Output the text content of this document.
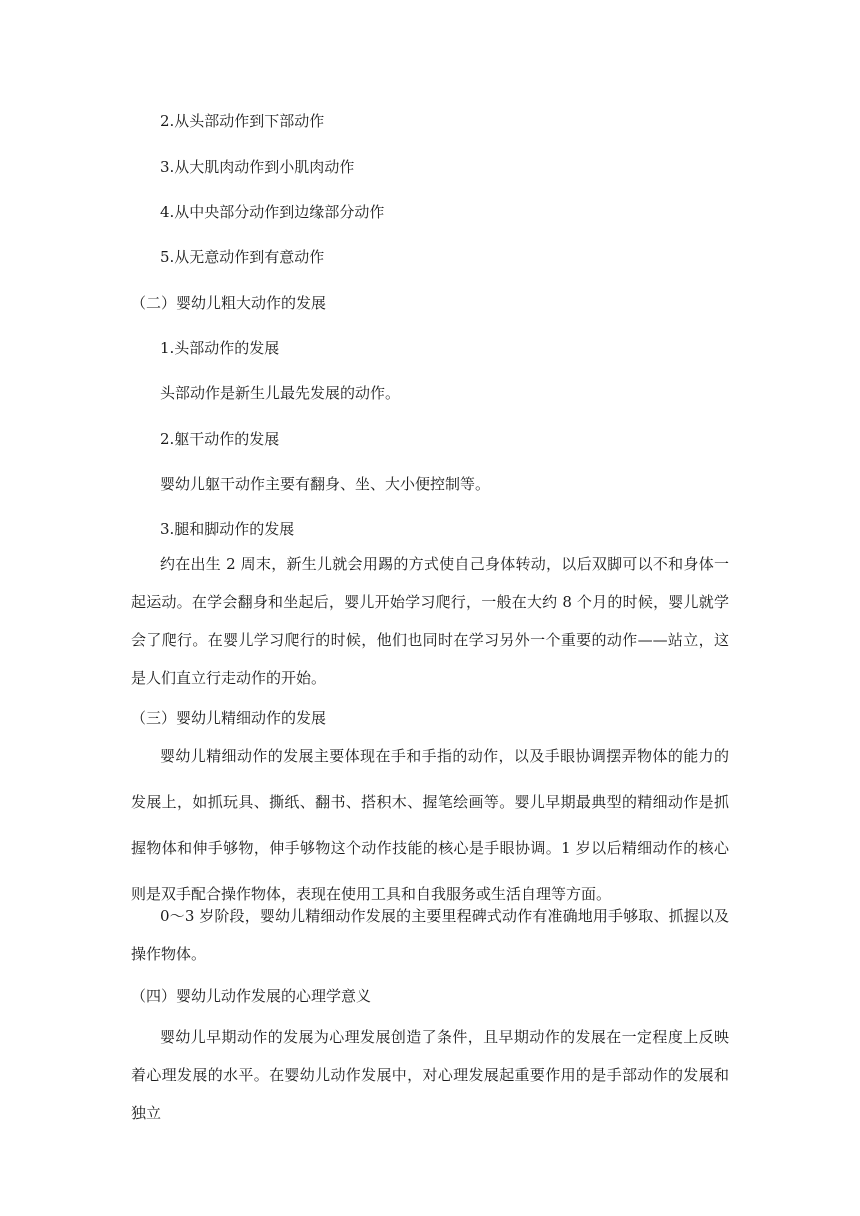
2.从头部动作到下部动作
3.从大肌肉动作到小肌肉动作
4.从中央部分动作到边缘部分动作
5.从无意动作到有意动作
（二）婴幼儿粗大动作的发展
1.头部动作的发展
头部动作是新生儿最先发展的动作。
2.躯干动作的发展
婴幼儿躯干动作主要有翻身、坐、大小便控制等。
3.腿和脚动作的发展

约在出生 2 周末，新生儿就会用踢的方式使自己身体转动，以后双脚可以不和身体一起运动。在学会翻身和坐起后，婴儿开始学习爬行，一般在大约 8 个月的时候，婴儿就学会了爬行。在婴儿学习爬行的时候，他们也同时在学习另外一个重要的动作——站立，这是人们直立行走动作的开始。

（三）婴幼儿精细动作的发展

婴幼儿精细动作的发展主要体现在手和手指的动作，以及手眼协调摆弄物体的能力的发展上，如抓玩具、撕纸、翻书、搭积木、握笔绘画等。婴儿早期最典型的精细动作是抓握物体和伸手够物，伸手够物这个动作技能的核心是手眼协调。1 岁以后精细动作的核心则是双手配合操作物体，表现在使用工具和自我服务或生活自理等方面。

0～3 岁阶段，婴幼儿精细动作发展的主要里程碑式动作有准确地用手够取、抓握以及操作物体。

（四）婴幼儿动作发展的心理学意义

婴幼儿早期动作的发展为心理发展创造了条件，且早期动作的发展在一定程度上反映着心理发展的水平。在婴幼儿动作发展中，对心理发展起重要作用的是手部动作的发展和独立
